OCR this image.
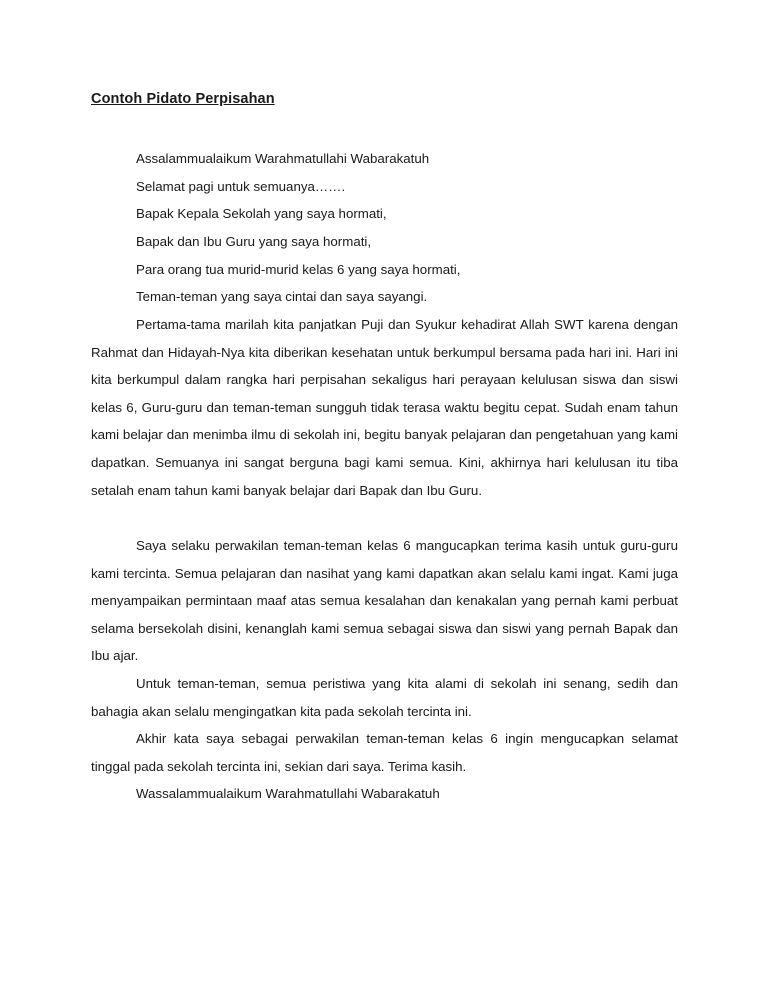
Contoh Pidato Perpisahan
Assalammualaikum Warahmatullahi Wabarakatuh
Selamat pagi untuk semuanya…….
Bapak Kepala Sekolah yang saya hormati,
Bapak dan Ibu Guru yang saya hormati,
Para orang tua murid-murid kelas 6 yang saya hormati,
Teman-teman yang saya cintai dan saya sayangi.

Pertama-tama marilah kita panjatkan Puji dan Syukur kehadirat Allah SWT karena dengan Rahmat dan Hidayah-Nya kita diberikan kesehatan untuk berkumpul bersama pada hari ini. Hari ini kita berkumpul dalam rangka hari perpisahan sekaligus hari perayaan kelulusan siswa dan siswi kelas 6, Guru-guru dan teman-teman sungguh tidak terasa waktu begitu cepat. Sudah enam tahun kami belajar dan menimba ilmu di sekolah ini, begitu banyak pelajaran dan pengetahuan yang kami dapatkan. Semuanya ini sangat berguna bagi kami semua. Kini, akhirnya hari kelulusan itu tiba setalah enam tahun kami banyak belajar dari Bapak dan Ibu Guru.

Saya selaku perwakilan teman-teman kelas 6 mangucapkan terima kasih untuk guru-guru kami tercinta. Semua pelajaran dan nasihat yang kami dapatkan akan selalu kami ingat. Kami juga menyampaikan permintaan maaf atas semua kesalahan dan kenakalan yang pernah kami perbuat selama bersekolah disini, kenanglah kami semua sebagai siswa dan siswi yang pernah Bapak dan Ibu ajar.

Untuk teman-teman, semua peristiwa yang kita alami di sekolah ini senang, sedih dan bahagia akan selalu mengingatkan kita pada sekolah tercinta ini.

Akhir kata saya sebagai perwakilan teman-teman kelas 6 ingin mengucapkan selamat tinggal pada sekolah tercinta ini, sekian dari saya. Terima kasih.

Wassalammualaikum Warahmatullahi Wabarakatuh
